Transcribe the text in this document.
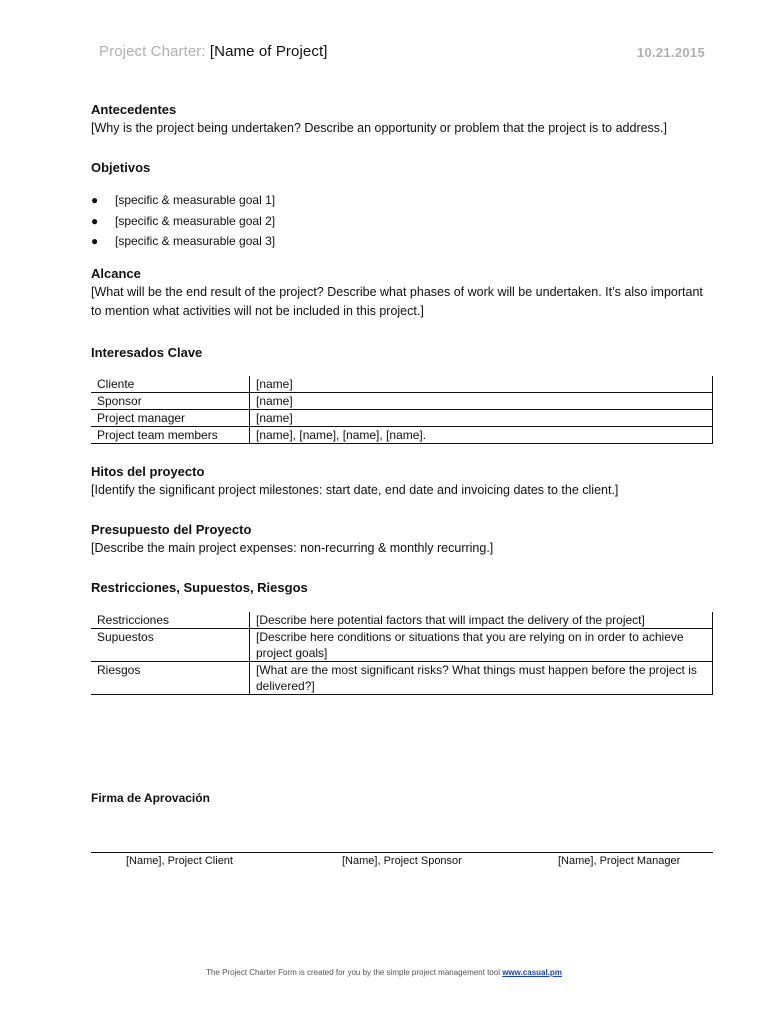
Project Charter: [Name of Project]	10.21.2015

Antecedentes

[Why is the project being undertaken? Describe an opportunity or problem that the project is to address.]

Objetivos

●	[specific & measurable goal 1]
●	[specific & measurable goal 2]
●	[specific & measurable goal 3]

Alcance

[What will be the end result of the project? Describe what phases of work will be undertaken. It’s also important to mention what activities will not be included in this project.]

Interesados Clave

Cliente	[name]
Sponsor	[name]
Project manager	[name]
Project team members	[name], [name], [name], [name].

Hitos del proyecto

[Identify the significant project milestones: start date, end date and invoicing dates to the client.]

Presupuesto del Proyecto

[Describe the main project expenses: non-recurring & monthly recurring.]

Restricciones, Supuestos, Riesgos

Restricciones	[Describe here potential factors that will impact the delivery of the project]
Supuestos	[Describe here conditions or situations that you are relying on in order to achieve project goals]
Riesgos	[What are the most significant risks? What things must happen before the project is delivered?]

Firma de Aprovación

[Name], Project Client	[Name], Project Sponsor	[Name], Project Manager
The Project Charter Form is created for you by the simple project management tool www.casual.pm
